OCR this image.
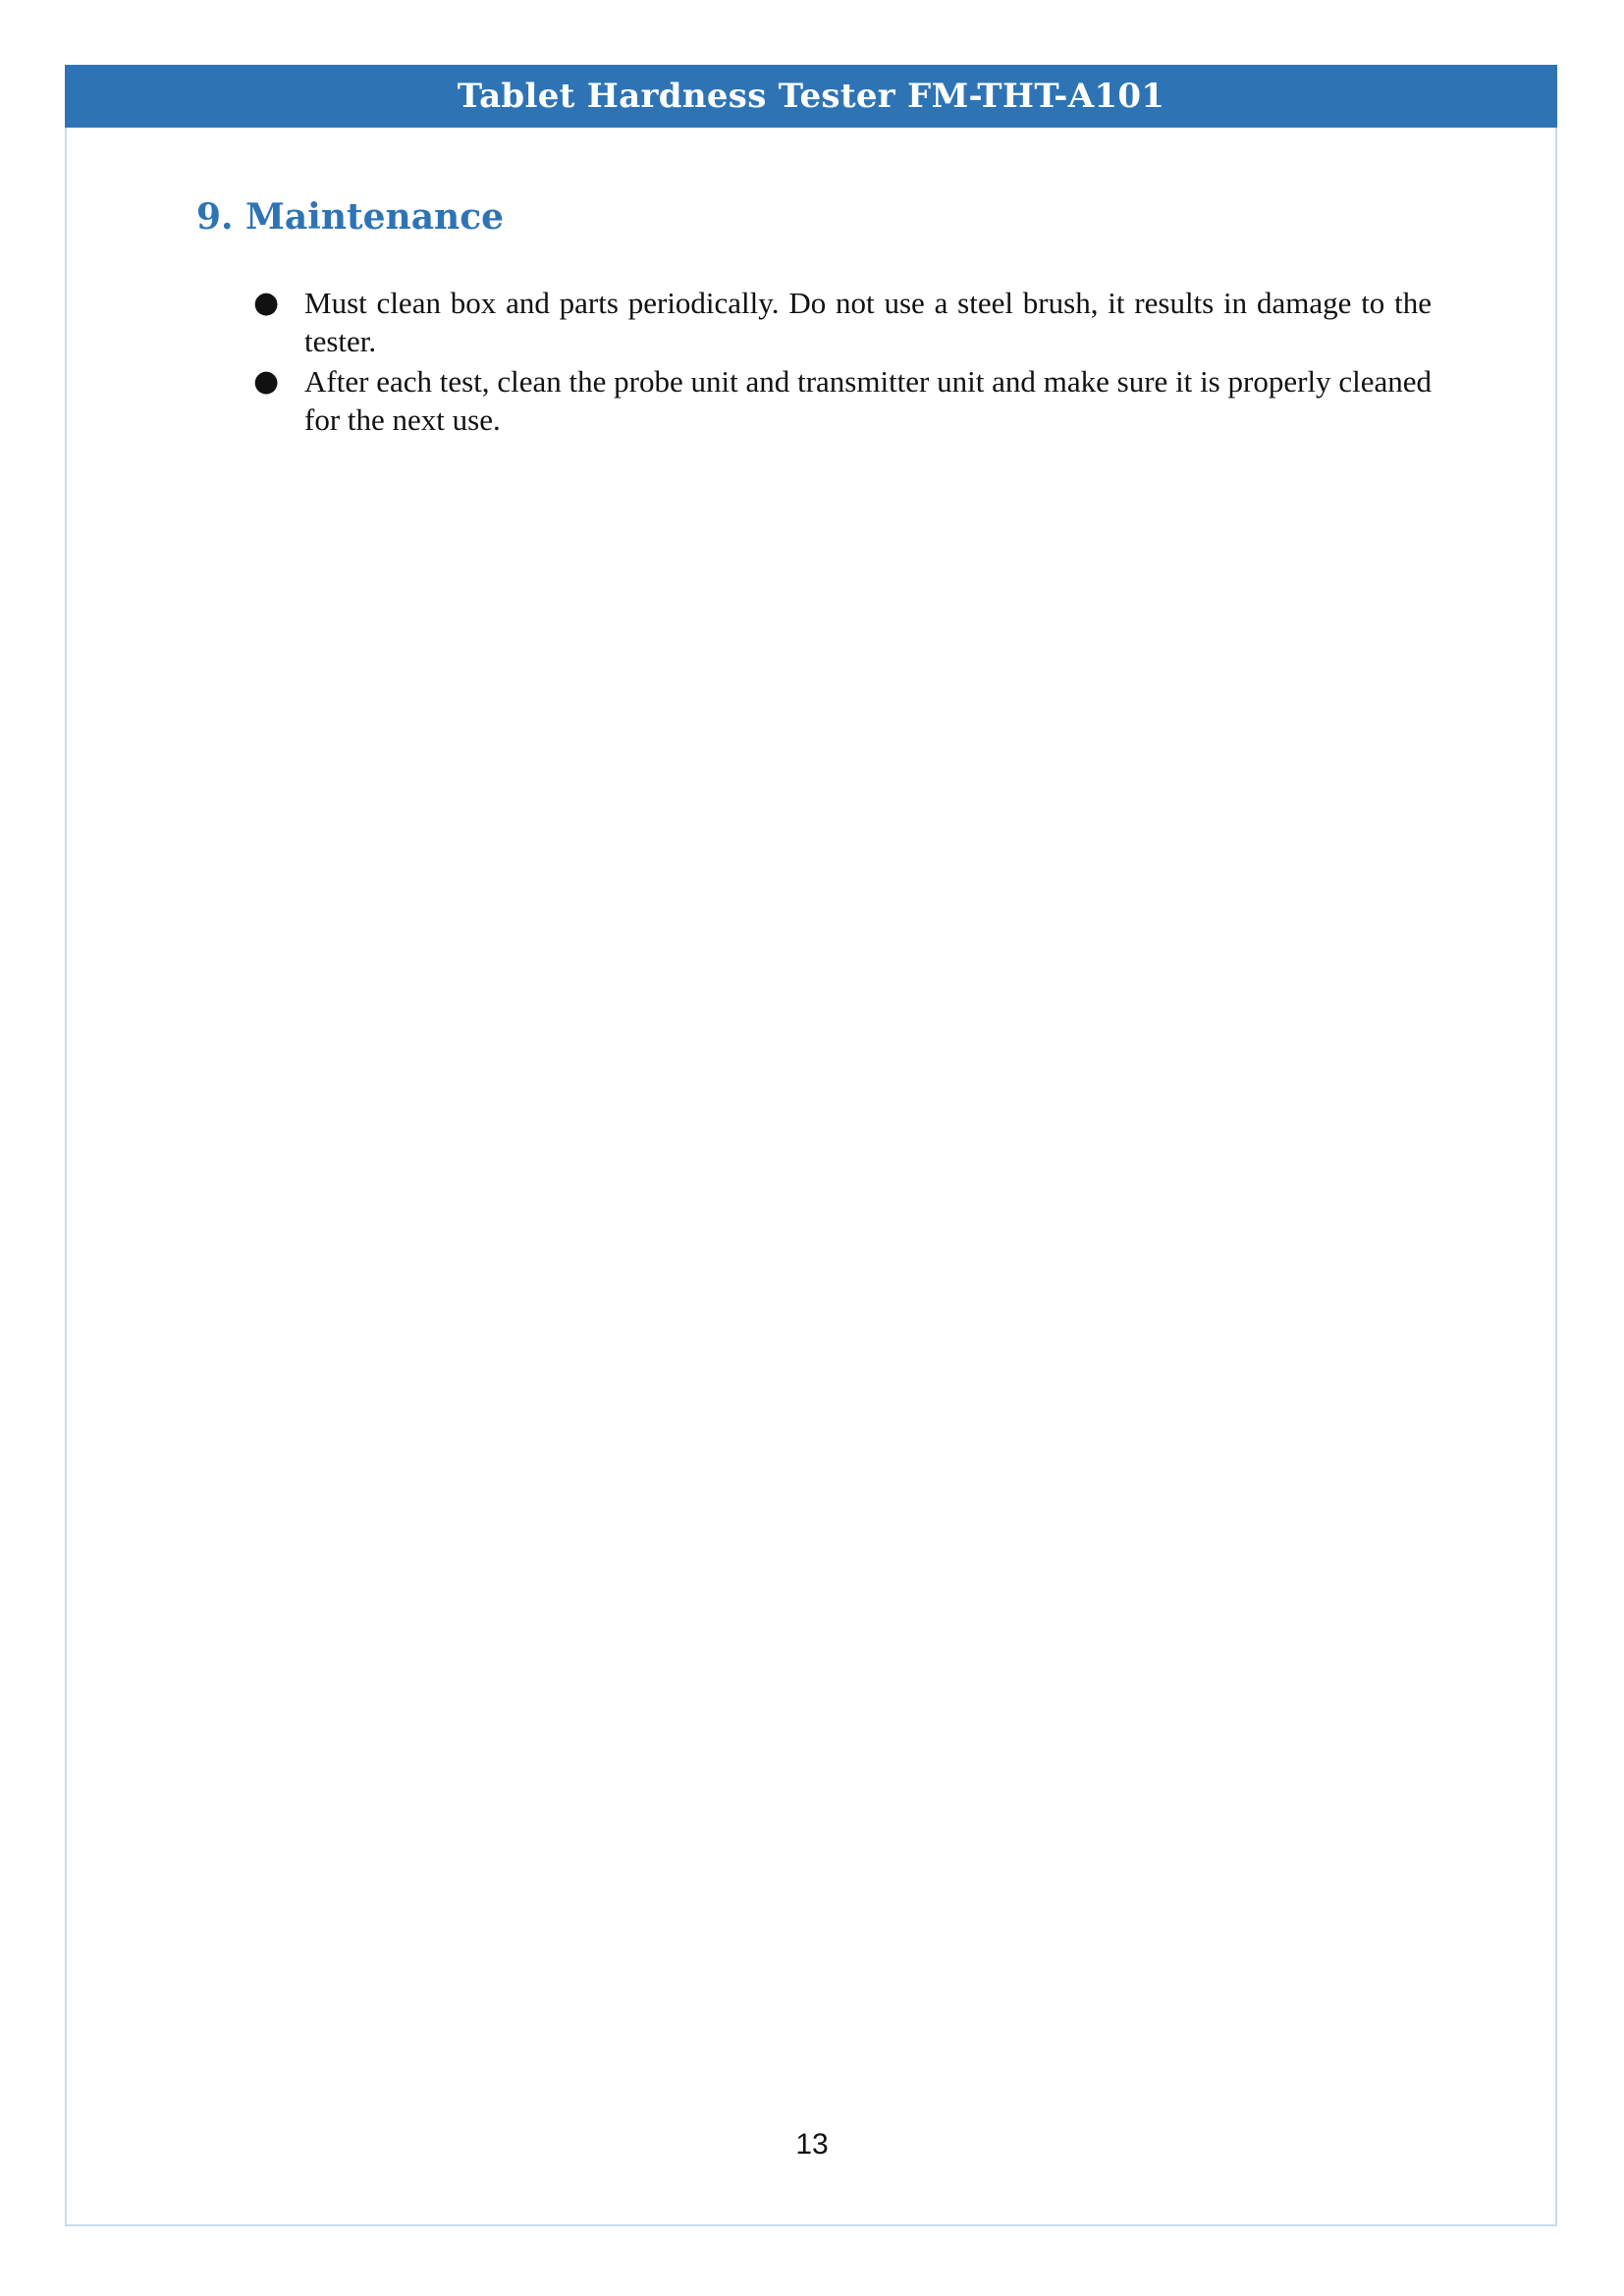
Tablet Hardness Tester FM-THT-A101
9. Maintenance
● Must clean box and parts periodically. Do not use a steel brush, it results in damage to the tester.
● After each test, clean the probe unit and transmitter unit and make sure it is properly cleaned for the next use.
13
